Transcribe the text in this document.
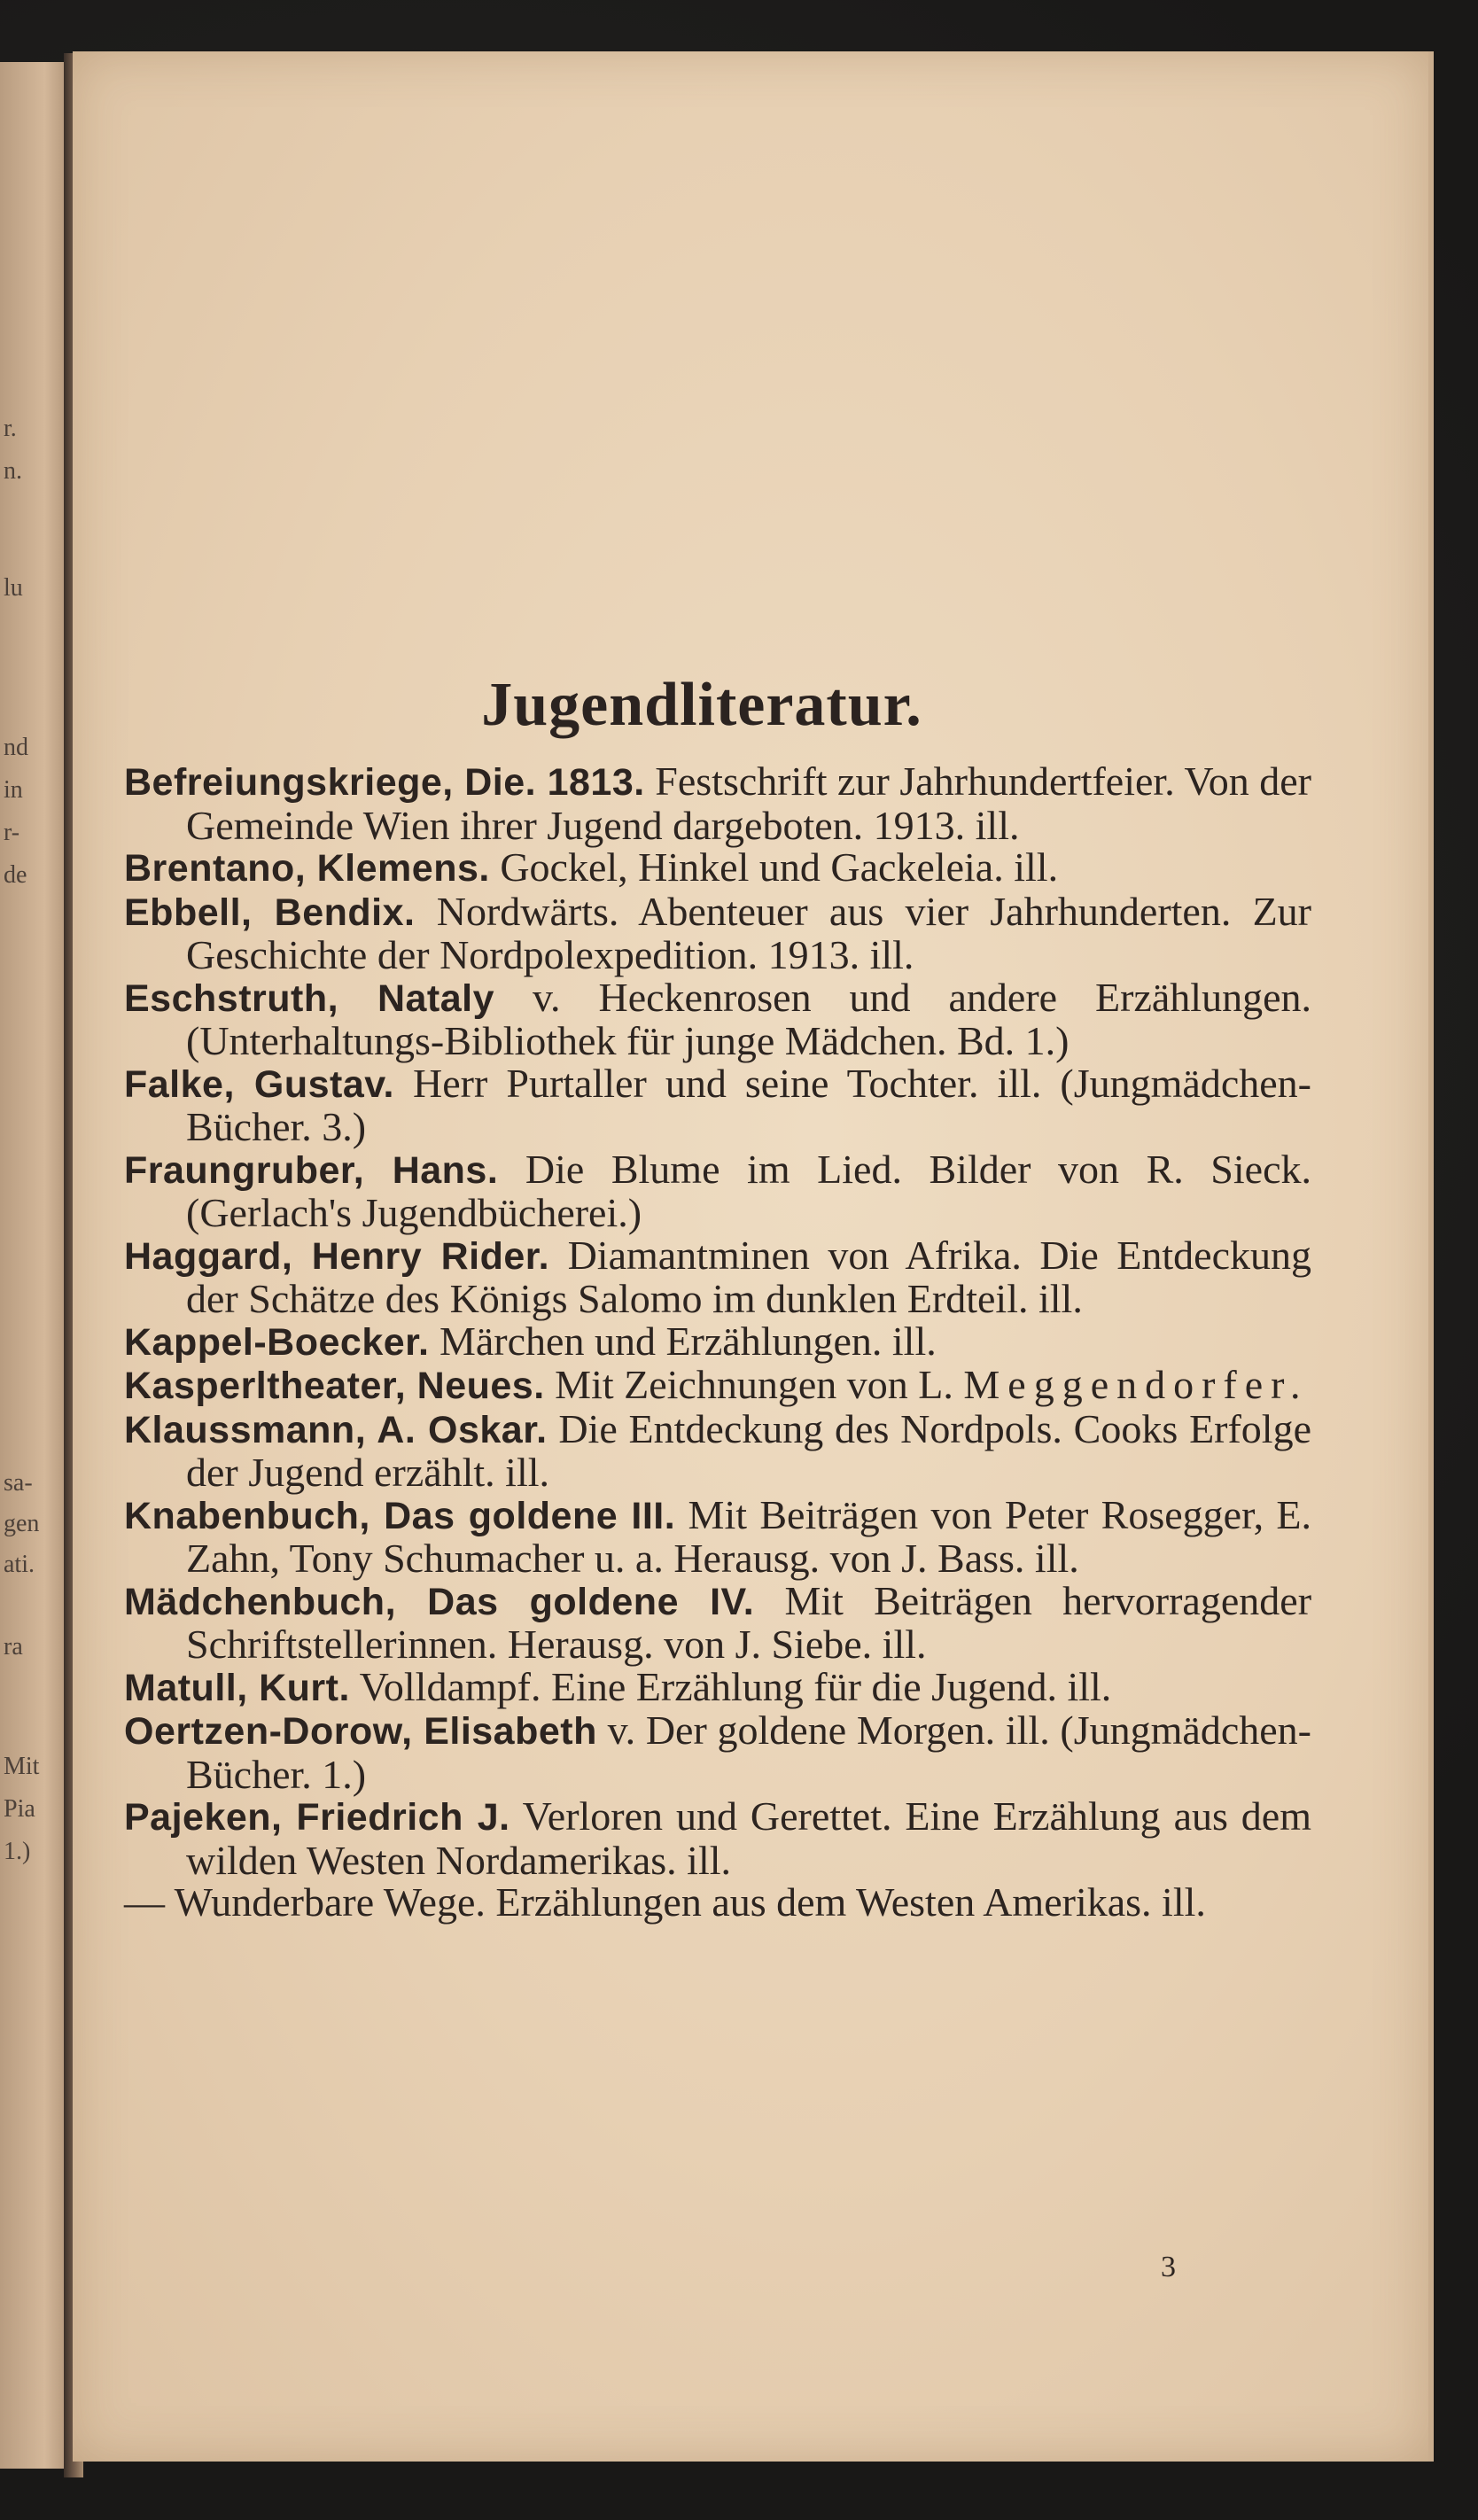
r.
n.
lu
nd
in
r-
de
sa-
gen
ati.
ra
Mit
Pia
1.)
Jugendliteratur.

Befreiungskriege, Die. 1813. Festschrift zur Jahrhundertfeier. Von der Gemeinde Wien ihrer Jugend dargeboten. 1913. ill.

Brentano, Klemens. Gockel, Hinkel und Gackeleia. ill.

Ebbell, Bendix. Nordwärts. Abenteuer aus vier Jahrhunderten. Zur Geschichte der Nordpolexpedition. 1913. ill.

Eschstruth, Nataly v. Heckenrosen und andere Erzählungen. (Unterhaltungs-Bibliothek für junge Mädchen. Bd. 1.)

Falke, Gustav. Herr Purtaller und seine Tochter. ill. (Jungmädchen-Bücher. 3.)

Fraungruber, Hans. Die Blume im Lied. Bilder von R. Sieck. (Gerlach's Jugendbücherei.)

Haggard, Henry Rider. Diamantminen von Afrika. Die Entdeckung der Schätze des Königs Salomo im dunklen Erdteil. ill.

Kappel-Boecker. Märchen und Erzählungen. ill.

Kasperltheater, Neues. Mit Zeichnungen von L. Meggendorfer.

Klaussmann, A. Oskar. Die Entdeckung des Nordpols. Cooks Erfolge der Jugend erzählt. ill.

Knabenbuch, Das goldene III. Mit Beiträgen von Peter Rosegger, E. Zahn, Tony Schumacher u. a. Herausg. von J. Bass. ill.

Mädchenbuch, Das goldene IV. Mit Beiträgen hervorragender Schriftstellerinnen. Herausg. von J. Siebe. ill.

Matull, Kurt. Volldampf. Eine Erzählung für die Jugend. ill.

Oertzen-Dorow, Elisabeth v. Der goldene Morgen. ill. (Jungmädchen-Bücher. 1.)

Pajeken, Friedrich J. Verloren und Gerettet. Eine Erzählung aus dem wilden Westen Nordamerikas. ill.

— Wunderbare Wege. Erzählungen aus dem Westen Amerikas. ill.

3
